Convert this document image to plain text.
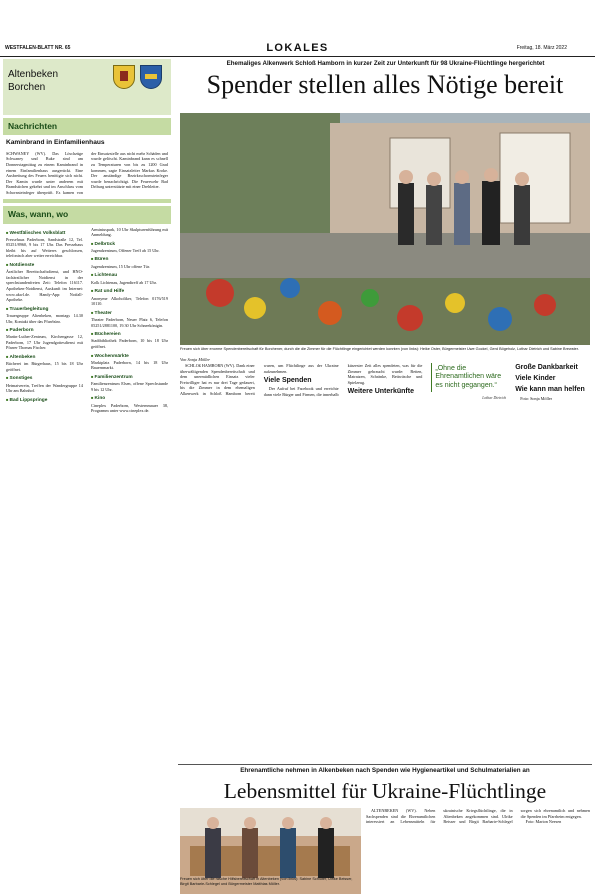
WESTFALEN-BLATT NR. 65	LOKALES	Freitag, 18. März 2022
Altenbeken
Borchen
Nachrichten
Kaminbrand in Einfamilienhaus

SCHWANEY (WV). Das Löschzüge Schwaney und Buke sind am Donnerstagmittag zu einem Kaminbrand in einem Einfamilienhaus ausgerückt. Eine Ausbreitung des Feuers benötigte sich nicht. Der Kamin wurde unter anderem mit Brandstichen gekehrt und im Anschluss vom Schornsteinfeger überprüft. Es kamen von der Einsatzstelle aus nicht mehr Schäden und wurde gelöscht. Kaminbrand kann es schnell zu Temperaturen von bis zu 1200 Grad kommen, sagte Einsatzleiter Markus Kroke. Der anständige Bezirksschornsteinfeger wurde benachrichtigt. Die Feuerwehr Bad Driburg unterstützte mit einer Drehleiter.

Was, wann, wo
■ Westfälisches Volksblatt

Pressehaus Paderborn, Sandstraße 12, Tel. 05251/8960, 9 bis 17 Uhr. Das Pressehaus bleibt bis auf Weiteres geschlossen, telefonisch aber weiter erreichbar.

■ Notdienste

Ärztlicher Bereitschaftsdienst, und HNO-fachärztlicher Notdienst in der sprechstundenfreien Zeit: Telefon 116117. Apotheken-Notdienst, Auskunft im Internet: www.akwl.de. Handy-App: Notfall-Apotheke.

■ Trauerbegleitung

Trauergruppe Altenbeken, montags 14.30 Uhr, Kontakt über das Pfarrbüro.

■ Paderborn

Martin-Luther-Zentrum, Kirchengasse 12, Paderborn, 17 Uhr Jugendgottesdienst mit Pfarrer Thomas Fischer.

■ Altenbeken

Bücherei im Bürgerhaus, 15 bis 18 Uhr geöffnet.

■ Sonstiges

Heimatverein, Treffen der Wandergruppe 14 Uhr am Bahnhof.

■ Bad Lippspringe

Arminiuspark, 10 Uhr Skulpturenführung mit Anmeldung.

■ Delbrück

Jugendzentrum, Offener Treff ab 15 Uhr.

■ Büren

Jugendzentrum, 15 Uhr offene Tür.

■ Lichtenau

Kolk Lichtenau, Jugendtreff ab 17 Uhr.

■ Rat und Hilfe

Anonyme Alkoholiker, Telefon 0176/519 10110.

■ Theater

Theater Paderborn, Neuer Platz 6, Telefon 05251/2881100, 19.30 Uhr Schneekönigin.

■ Büchereien

Stadtbibliothek Paderborn, 10 bis 18 Uhr geöffnet.

■ Wochenmärkte

Marktplatz Paderborn, 14 bis 18 Uhr Bauernmarkt.

■ Familienzentrum

Familienzentrum Elsen, offene Sprechstunde 9 bis 12 Uhr.

■ Kino

Cineplex Paderborn, Westernmauer 38, Programm unter www.cineplex.de.

Ehemaliges Alkenwerk Schloß Hamborn in kurzer Zeit zur Unterkunft für 98 Ukraine-Flüchtlinge hergerichtet
Spender stellen alles Nötige bereit
Freuen sich über enorme Spendenbereitschaft für Borchener, durch die die Zimmer für die Flüchtlinge eingerichtet werden konnten (von links): Heike Oster, Bürgermeister Uwe Gockel, Gerd Bögeholz, Lothar Dietrich und Sabine Brewster.
Von Sonja Möller

SCHLOß HAMBORN (WV). Dank einer überwältigenden Spendenbereitschaft und dem unermüdlichen Einsatz vieler Freiwilliger hat es nur drei Tage gedauert, bis die Zimmer in dem ehemaligen Alkenwerk in Schloß Hamborn bereit waren, um Flüchtlinge aus der Ukraine aufzunehmen.

Viele Spenden

Der Aufruf bei Facebook und erreichte dann viele Bürger und Firmen, die innerhalb kürzester Zeit alles spendeten, was für die Zimmer gebraucht wurde: Betten, Matratzen, Schränke, Bettwäsche und Spielzeug.

Weitere Unterkünfte
„Ohne die Ehrenamtlichen wäre es nicht gegangen.“
Lothar Dietrich
Große Dankbarkeit
Viele Kinder
Wie kann man helfen

Foto: Sonja Möller

Ehrenamtliche nehmen in Alkenbeken nach Spenden wie Hygieneartikel und Schulmaterialien an
Lebensmittel für Ukraine-Flüchtlinge
Freuen sich über die rasche Hilfsbereitschaft in Altenbeken (von links): Sabine Schlüter, Ulrike Beisser, Birgit Barbarie-Schlegel und Bürgermeister Matthias Möller.

ALTENBEKEN (WV). Neben Sachspenden sind die Ehrenamtlichen interessiert an Lebensmitteln für ukrainische Kriegsflüchtlinge, die in Altenbeken angekommen sind. Ulrike Beisser und Birgit Barbarie-Schlegel sorgen sich ehrenamtlich und nehmen die Spenden im Pfarrheim entgegen.

Foto: Marion Neesen
